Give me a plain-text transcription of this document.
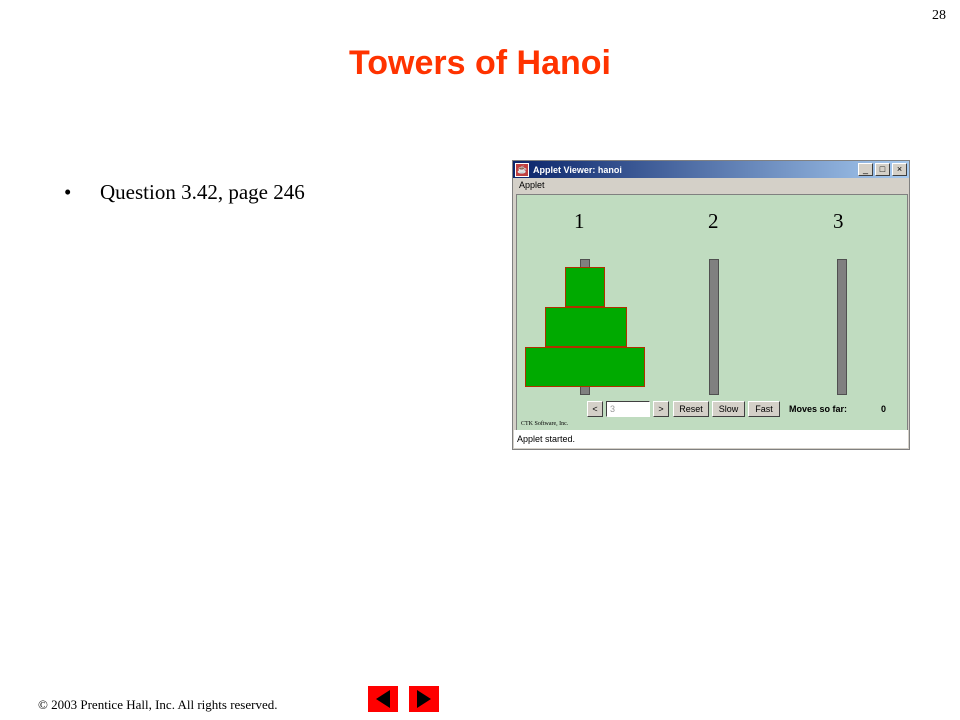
28
Towers of Hanoi
• Question 3.42, page 246
☕ Applet Viewer: hanoi	_	□	×
Applet
1	2	3
<	3	>	Reset	Slow	Fast	Moves so far:	0
CTK Software, Inc.
Applet started.
© 2003 Prentice Hall, Inc. All rights reserved.
